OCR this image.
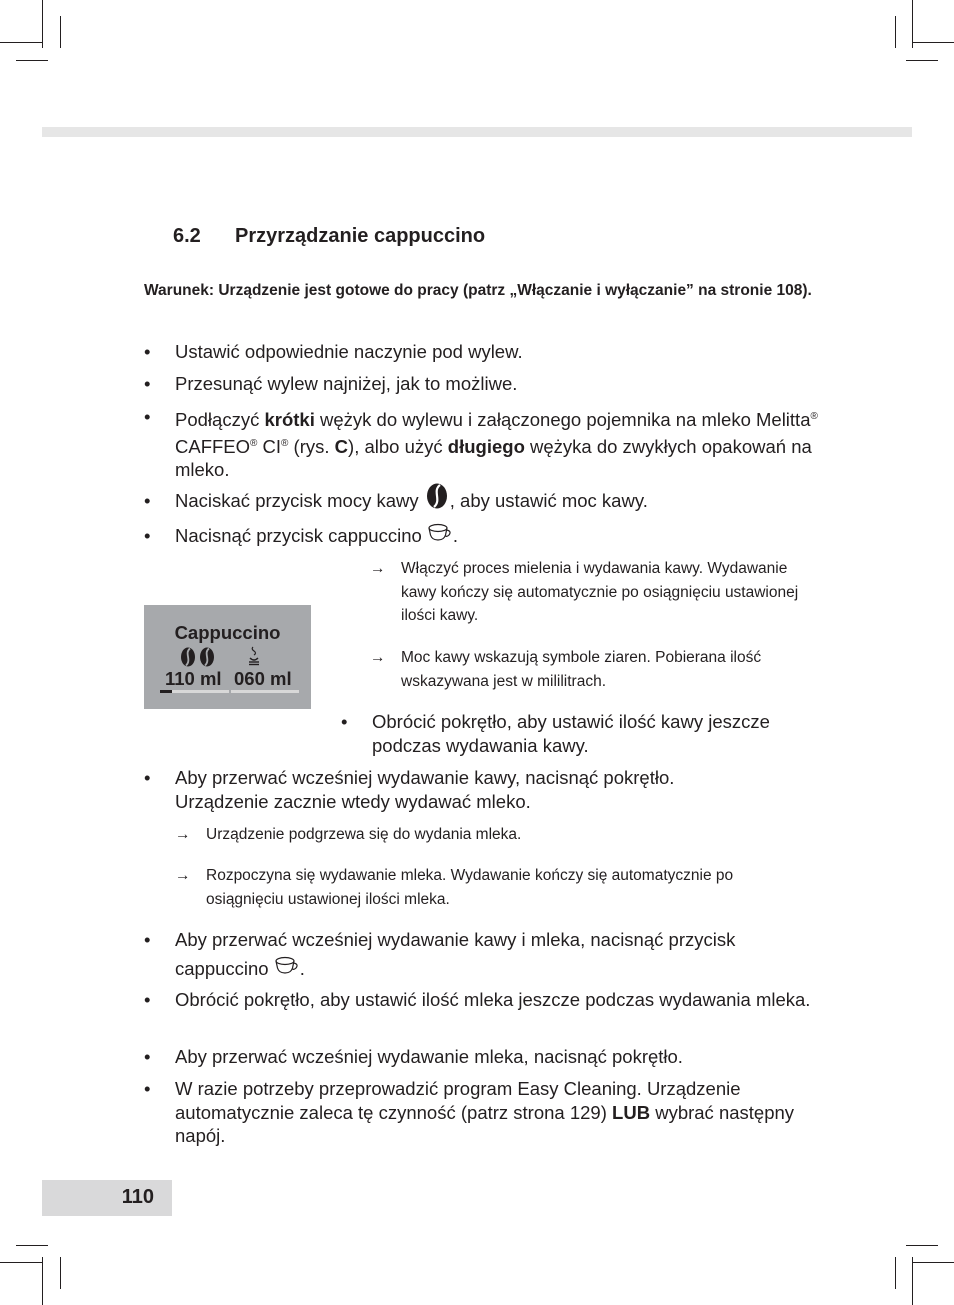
6.2 Przyrządzanie cappuccino
Warunek: Urządzenie jest gotowe do pracy (patrz „Włączanie i wyłączanie” na stronie 108).
• Ustawić odpowiednie naczynie pod wylew.
• Przesunąć wylew najniżej, jak to możliwe.
• Podłączyć krótki wężyk do wylewu i załączonego pojemnika na mleko Melitta® CAFFEO® CI® (rys. C), albo użyć długiego wężyka do zwykłych opakowań na mleko.
• Naciskać przycisk mocy kawy , aby ustawić moc kawy.
• Nacisnąć przycisk cappuccino .
→ Włączyć proces mielenia i wydawania kawy. Wydawanie kawy kończy się automatycznie po osiągnięciu ustawionej ilości kawy.
→ Moc kawy wskazują symbole ziaren. Pobierana ilość wskazywana jest w mililitrach.
Cappuccino
110 ml 060 ml
• Obrócić pokrętło, aby ustawić ilość kawy jeszcze podczas wydawania kawy.
• Aby przerwać wcześniej wydawanie kawy, nacisnąć pokrętło. Urządzenie zacznie wtedy wydawać mleko.
→ Urządzenie podgrzewa się do wydania mleka.
→ Rozpoczyna się wydawanie mleka. Wydawanie kończy się automatycznie po osiągnięciu ustawionej ilości mleka.
• Aby przerwać wcześniej wydawanie kawy i mleka, nacisnąć przycisk cappuccino .
• Obrócić pokrętło, aby ustawić ilość mleka jeszcze podczas wydawania mleka.
• Aby przerwać wcześniej wydawanie mleka, nacisnąć pokrętło.
• W razie potrzeby przeprowadzić program Easy Cleaning. Urządzenie automatycznie zaleca tę czynność (patrz strona 129) LUB wybrać następny napój.
110
